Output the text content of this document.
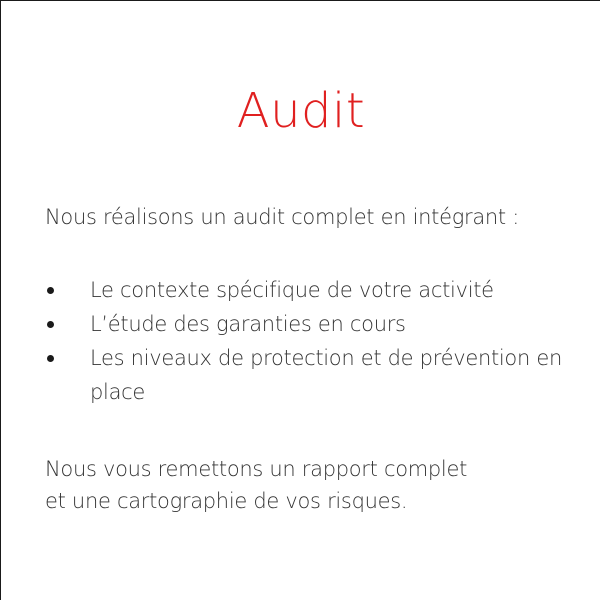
Audit

Nous réalisons un audit complet en intégrant :

Le contexte spécifique de votre activité
L’étude des garanties en cours
Les niveaux de protection et de prévention en place

Nous vous remettons un rapport complet
et une cartographie de vos risques.
